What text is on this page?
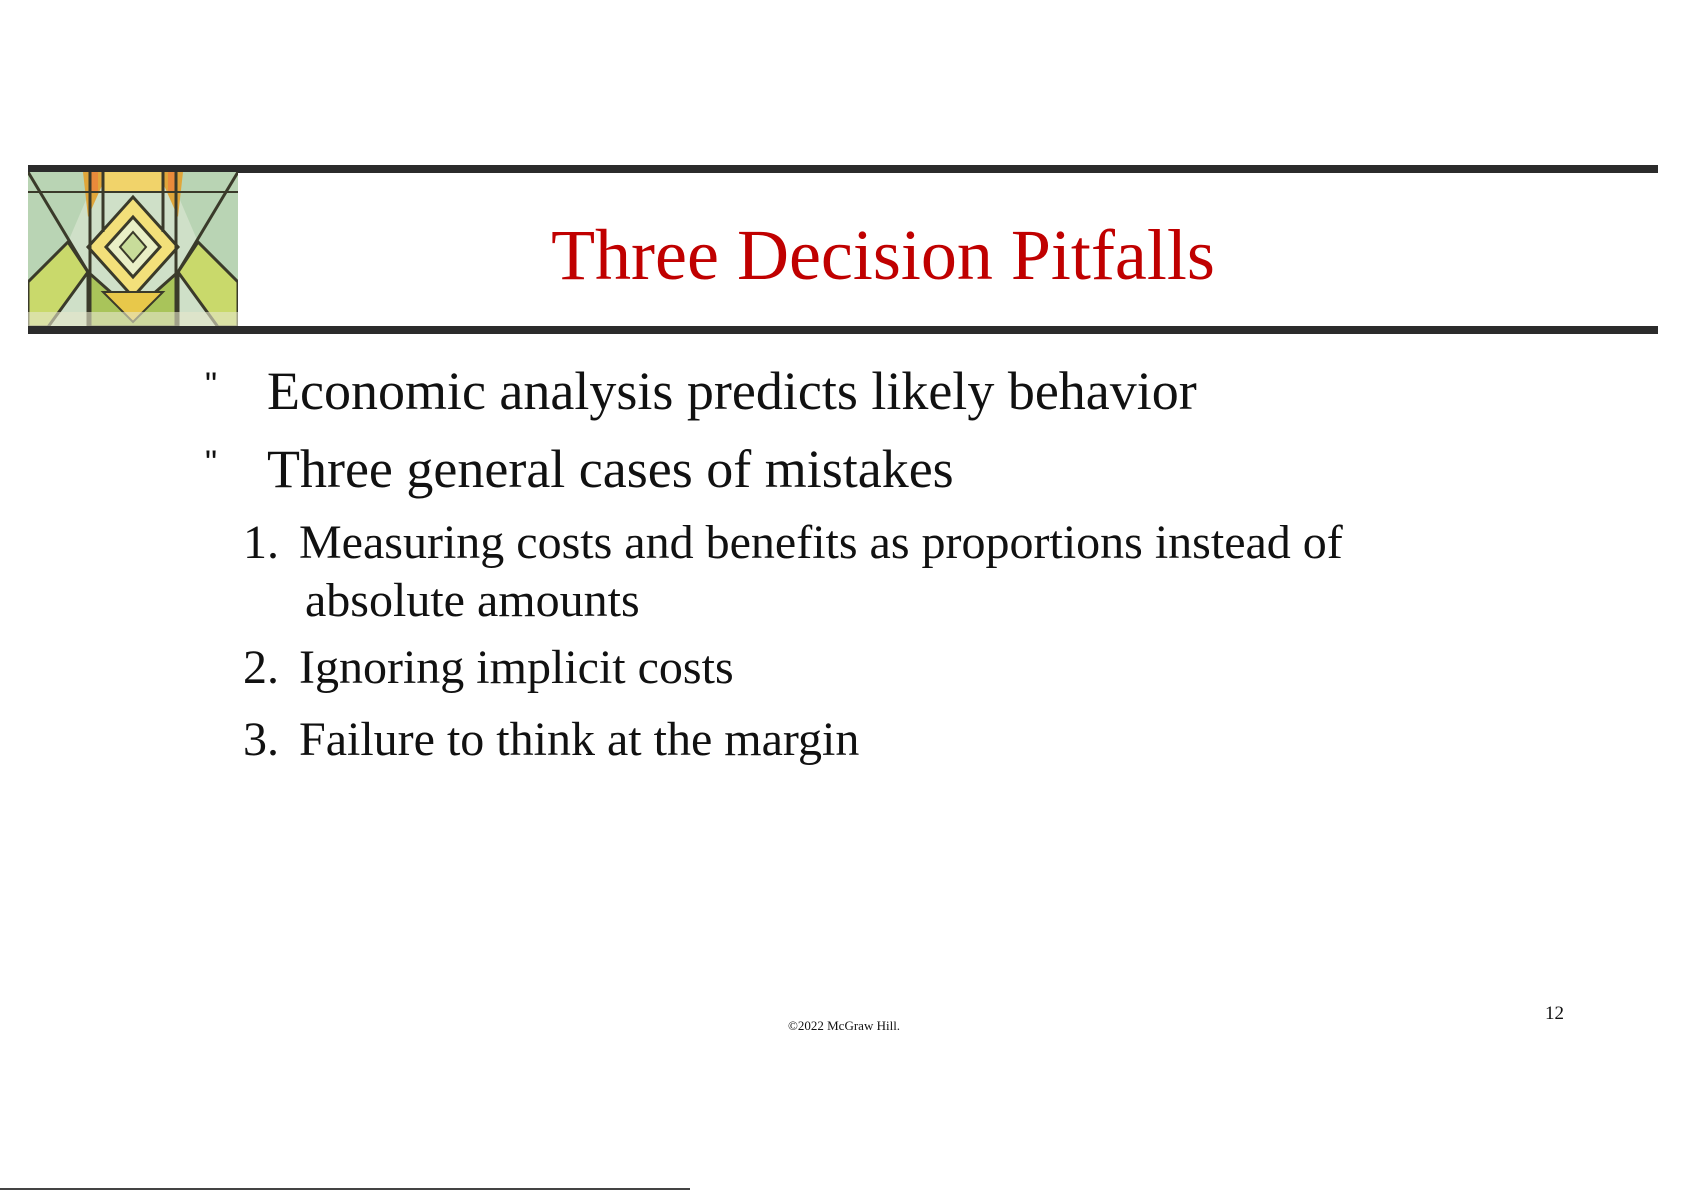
Three Decision Pitfalls
" Economic analysis predicts likely behavior
" Three general cases of mistakes
1. Measuring costs and benefits as proportions instead of
absolute amounts
2. Ignoring implicit costs
3. Failure to think at the margin
©2022 McGraw Hill.
12
